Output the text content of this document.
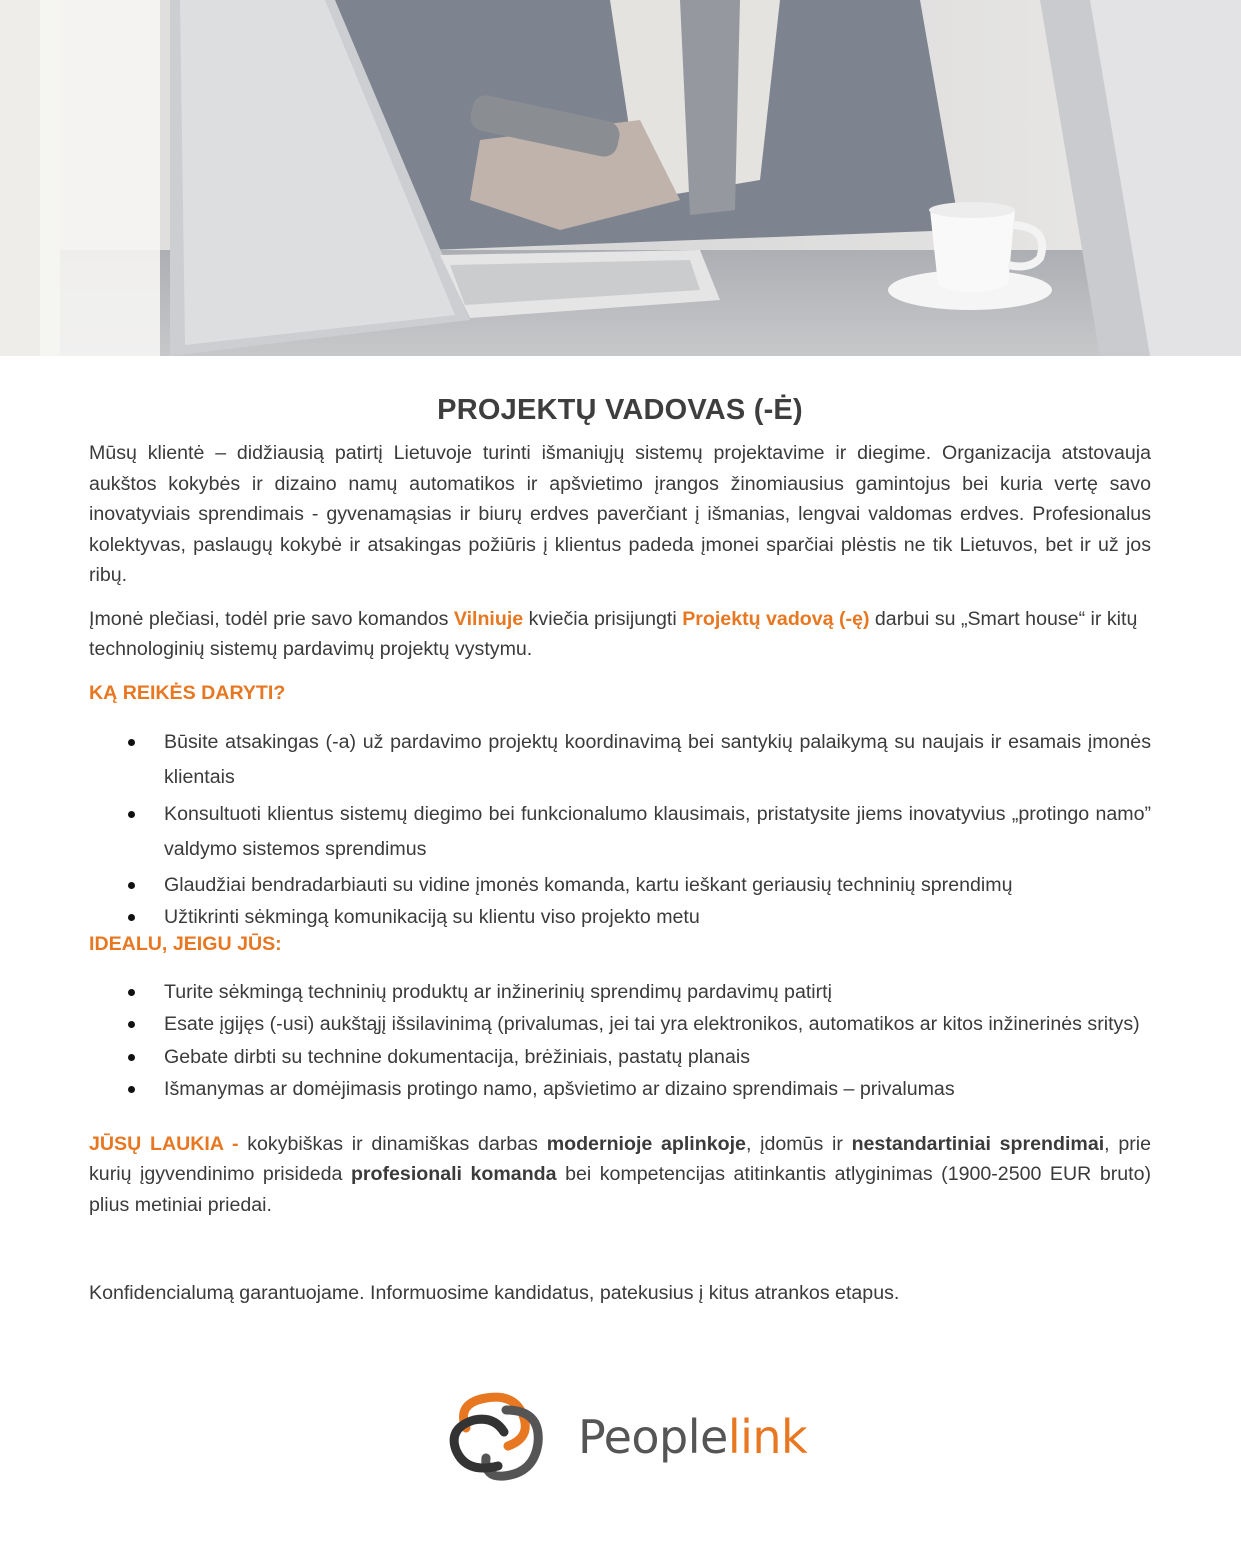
PROJEKTŲ VADOVAS (-Ė)

Mūsų klientė – didžiausią patirtį Lietuvoje turinti išmaniųjų sistemų projektavime ir diegime. Organizacija atstovauja aukštos kokybės ir dizaino namų automatikos ir apšvietimo įrangos žinomiausius gamintojus bei kuria vertę savo inovatyviais sprendimais - gyvenamąsias ir biurų erdves paverčiant į išmanias, lengvai valdomas erdves. Profesionalus kolektyvas, paslaugų kokybė ir atsakingas požiūris į klientus padeda įmonei sparčiai plėstis ne tik Lietuvos, bet ir už jos ribų.

Įmonė plečiasi, todėl prie savo komandos Vilniuje kviečia prisijungti Projektų vadovą (-ę) darbui su „Smart house“ ir kitų technologinių sistemų pardavimų projektų vystymu.

KĄ REIKĖS DARYTI?
Būsite atsakingas (-a) už pardavimo projektų koordinavimą bei santykių palaikymą su naujais ir esamais įmonės klientais
Konsultuoti klientus sistemų diegimo bei funkcionalumo klausimais, pristatysite jiems inovatyvius „protingo namo” valdymo sistemos sprendimus
Glaudžiai bendradarbiauti su vidine įmonės komanda, kartu ieškant geriausių techninių sprendimų
Užtikrinti sėkmingą komunikaciją su klientu viso projekto metu
IDEALU, JEIGU JŪS:
Turite sėkmingą techninių produktų ar inžinerinių sprendimų pardavimų patirtį
Esate įgijęs (-usi) aukštąjį išsilavinimą (privalumas, jei tai yra elektronikos, automatikos ar kitos inžinerinės sritys)
Gebate dirbti su technine dokumentacija, brėžiniais, pastatų planais
Išmanymas ar domėjimasis protingo namo, apšvietimo ar dizaino sprendimais – privalumas

JŪSŲ LAUKIA - kokybiškas ir dinamiškas darbas modernioje aplinkoje, įdomūs ir nestandartiniai sprendimai, prie kurių įgyvendinimo prisideda profesionali komanda bei kompetencijas atitinkantis atlyginimas (1900-2500 EUR bruto) plius metiniai priedai.

Konfidencialumą garantuojame. Informuosime kandidatus, patekusius į kitus atrankos etapus.

Peoplelink
